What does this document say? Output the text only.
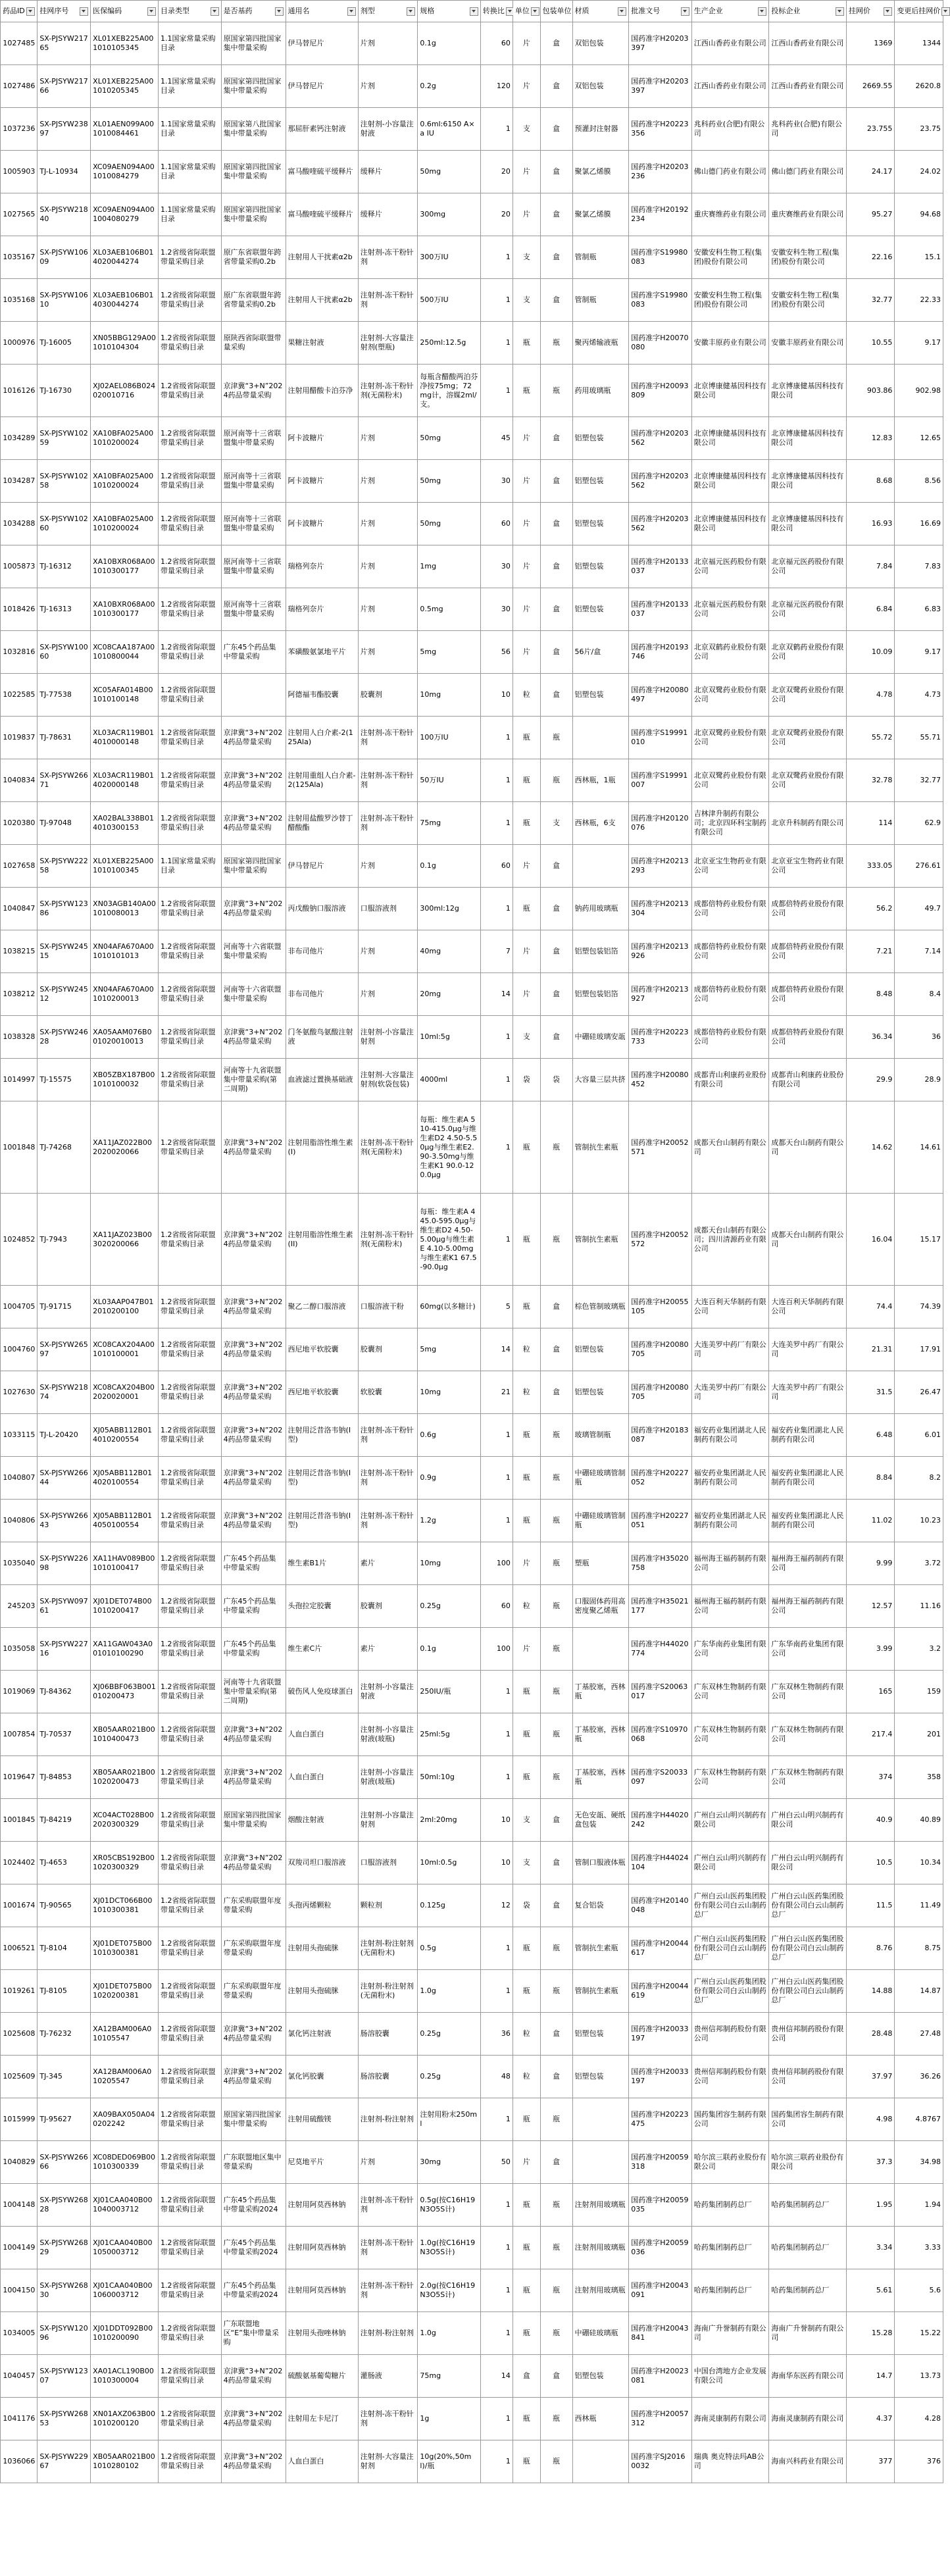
药品ID	挂网序号	医保编码	目录类型	是否基药	通用名	剂型	规格	转换比	单位	包装单位	材质	批准文号	生产企业	投标企业	挂网价	变更后挂网价

1027485	SX-PJSYW21765	XL01XEB225A001010105345	1.1国家常量采购目录	原国家第四批国家集中带量采购	伊马替尼片	片剂	0.1g	60	片	盒	双铝包装	国药准字H20203397	江西山香药业有限公司	江西山香药业有限公司	1369	1344
1027486	SX-PJSYW21766	XL01XEB225A001010205345	1.1国家常量采购目录	原国家第四批国家集中带量采购	伊马替尼片	片剂	0.2g	120	片	盒	双铝包装	国药准字H20203397	江西山香药业有限公司	江西山香药业有限公司	2669.55	2620.8
1037236	SX-PJSYW23897	XL01AEN099A001010084461	1.1国家常量采购目录	原国家第八批国家集中带量采购	那屈肝素钙注射液	注射剂-小容量注射液	0.6ml:6150 A×a IU	1	支	盒	预灌封注射器	国药准字H20223356	兆科药业(合肥)有限公司	兆科药业(合肥)有限公司	23.755	23.75
1005903	TJ-L-10934	XC09AEN094A001010084279	1.1国家常量采购目录	原国家第四批国家集中带量采购	富马酸喹硫平缓释片	缓释片	50mg	20	片	盒	聚氯乙烯膜	国药准字H20203236	佛山德门药业有限公司	佛山德门药业有限公司	24.17	24.02
1027565	SX-PJSYW21840	XC09AEN094A001004080279	1.1国家常量采购目录	原国家第四批国家集中带量采购	富马酸喹硫平缓释片	缓释片	300mg	20	片	盒	聚氯乙烯膜	国药准字H20192234	重庆赛维药业有限公司	重庆赛维药业有限公司	95.27	94.68
1035167	SX-PJSYW10609	XL03AEB106B014020044274	1.2省级省际联盟带量采购目录	原广东省联盟年跨省带量采购0.2b	注射用人干扰素α2b	注射剂-冻干粉针剂	300万IU	1	支	盒	管制瓶	国药准字S19980083	安徽安科生物工程(集团)股份有限公司	安徽安科生物工程(集团)股份有限公司	22.16	15.1
1035168	SX-PJSYW10610	XL03AEB106B014030044274	1.2省级省际联盟带量采购目录	原广东省联盟年跨省带量采购0.2b	注射用人干扰素α2b	注射剂-冻干粉针剂	500万IU	1	支	盒	管制瓶	国药准字S19980083	安徽安科生物工程(集团)股份有限公司	安徽安科生物工程(集团)股份有限公司	32.77	22.33
1000976	TJ-16005	XN05BBG129A001010104304	1.2省级省际联盟带量采购目录	原陕西省际联盟带量采购	果糖注射液	注射剂-大容量注射剂(塑瓶)	250ml:12.5g	1	瓶	瓶	聚丙烯输液瓶	国药准字H20070080	安徽丰原药业有限公司	安徽丰原药业有限公司	10.55	9.17
1016126	TJ-16730	XJ02AEL086B024020010716	1.2省级省际联盟带量采购目录	京津冀“3+N”2024药品带量采购	注射用醋酸卡泊芬净	注射剂-冻干粉针剂(无菌粉末)	每瓶含醋酸两泊芬净按75mg；72mg计，溶媒2ml/支。	1	瓶	瓶	药用玻璃瓶	国药准字H20093809	北京博康健基因科技有限公司	北京博康健基因科技有限公司	903.86	902.98
1034289	SX-PJSYW10259	XA10BFA025A001010200024	1.2省级省际联盟带量采购目录	原河南等十三省联盟集中带量采购	阿卡波糖片	片剂	50mg	45	片	盒	铝塑包装	国药准字H20203562	北京博康健基因科技有限公司	北京博康健基因科技有限公司	12.83	12.65
1034287	SX-PJSYW10258	XA10BFA025A001010200024	1.2省级省际联盟带量采购目录	原河南等十三省联盟集中带量采购	阿卡波糖片	片剂	50mg	30	片	盒	铝塑包装	国药准字H20203562	北京博康健基因科技有限公司	北京博康健基因科技有限公司	8.68	8.56
1034288	SX-PJSYW10260	XA10BFA025A001010200024	1.2省级省际联盟带量采购目录	原河南等十三省联盟集中带量采购	阿卡波糖片	片剂	50mg	60	片	盒	铝塑包装	国药准字H20203562	北京博康健基因科技有限公司	北京博康健基因科技有限公司	16.93	16.69
1005873	TJ-16312	XA10BXR068A001010300177	1.2省级省际联盟带量采购目录	原河南等十三省联盟集中带量采购	瑞格列奈片	片剂	1mg	30	片	盒	铝塑包装	国药准字H20133037	北京福元医药股份有限公司	北京福元医药股份有限公司	7.84	7.83
1018426	TJ-16313	XA10BXR068A001010300177	1.2省级省际联盟带量采购目录	原河南等十三省联盟集中带量采购	瑞格列奈片	片剂	0.5mg	30	片	盒	铝塑包装	国药准字H20133037	北京福元医药股份有限公司	北京福元医药股份有限公司	6.84	6.83
1032816	SX-PJSYW10060	XC08CAA187A001010800044	1.2省级省际联盟带量采购目录	广东45个药品集中带量采购	苯磺酸氨氯地平片	片剂	5mg	56	片	盒	56片/盒	国药准字H20193746	北京双鹤药业股份有限公司	北京双鹤药业股份有限公司	10.09	9.17
1022585	TJ-77538	XC05AFA014B001010100148	1.2省级省际联盟带量采购目录		阿德福韦酯胶囊	胶囊剂	10mg	10	粒	盒	铝塑包装	国药准字H20080497	北京双鹭药业股份有限公司	北京双鹭药业股份有限公司	4.78	4.73
1019837	TJ-78631	XL03ACR119B014010000148	1.2省级省际联盟带量采购目录	京津冀“3+N”2024药品带量采购	注射用人白介素-2(125Ala)	注射剂-冻干粉针剂	100万IU	1	瓶	瓶		国药准字S19991010	北京双鹭药业股份有限公司	北京双鹭药业股份有限公司	55.72	55.71
1040834	SX-PJSYW26671	XL03ACR119B014020000148	1.2省级省际联盟带量采购目录	京津冀“3+N”2024药品带量采购	注射用重组人白介素-2(125Ala)	注射剂-冻干粉针剂	50万IU	1	瓶	瓶	西林瓶，1瓶	国药准字S19991007	北京双鹭药业股份有限公司	北京双鹭药业股份有限公司	32.78	32.77
1020380	TJ-97048	XA02BAL338B014010300153	1.2省级省际联盟带量采购目录	京津冀“3+N”2024药品带量采购	注射用盐酸罗沙替丁醋酸酯	注射剂-冻干粉针剂	75mg	1	瓶	支	西林瓶，6支	国药准字H20120076	吉林津升制药有限公司；北京四环科宝制药有限公司	北京升科制药有限公司	114	62.9
1027658	SX-PJSYW22258	XL01XEB225A001010100345	1.1国家常量采购目录	原国家第四批国家集中带量采购	伊马替尼片	片剂	0.1g	60	片	盒		国药准字H20213293	北京亚宝生物药业有限公司	北京亚宝生物药业有限公司	333.05	276.61
1040847	SX-PJSYW12386	XN03AGB140A001010080013	1.2省级省际联盟带量采购目录	京津冀“3+N”2024药品带量采购	丙戊酸钠口服溶液	口服溶液剂	300ml:12g	1	瓶	盒	钠药用玻璃瓶	国药准字H20213304	成都倍特药业股份有限公司	成都倍特药业股份有限公司	56.2	49.7
1038215	SX-PJSYW24515	XN04AFA670A001010101013	1.2省级省际联盟带量采购目录	河南等十六省联盟集中带量采购	非布司他片	片剂	40mg	7	片	盒	铝塑包装铝箔	国药准字H20213926	成都倍特药业股份有限公司	成都倍特药业股份有限公司	7.21	7.14
1038212	SX-PJSYW24512	XN04AFA670A001010200013	1.2省级省际联盟带量采购目录	河南等十六省联盟集中带量采购	非布司他片	片剂	20mg	14	片	盒	铝塑包装铝箔	国药准字H20213927	成都倍特药业股份有限公司	成都倍特药业股份有限公司	8.48	8.4
1038328	SX-PJSYW24628	XA05AAM076B001020010013	1.2省级省际联盟带量采购目录	京津冀“3+N”2024药品带量采购	门冬氨酸鸟氨酸注射液	注射剂-小容量注射剂	10ml:5g	1	支	盒	中硼硅玻璃安瓿	国药准字H20223733	成都倍特药业股份有限公司	成都倍特药业股份有限公司	36.34	36
1014997	TJ-15575	XB05ZBX187B001010100032	1.2省级省际联盟带量采购目录	河南等十九省联盟集中带量采购(第二周期)	血液滤过置换基础液	注射剂-大容量注射剂(软袋包装)	4000ml	1	袋	袋	大容量三层共挤	国药准字H20080452	成都青山利康药业股份有限公司	成都青山利康药业股份有限公司	29.9	28.9
1001848	TJ-74268	XA11JAZ022B002020020066	1.2省级省际联盟带量采购目录	京津冀“3+N”2024药品带量采购	注射用脂溶性维生素(I)	注射剂-冻干粉针剂(无菌粉末)	每瓶：维生素A 510-415.0μg与维生素D2 4.50-5.50μg与维生素E2.90-3.50mg与维生素K1 90.0-120.0μg	1	瓶	瓶	管制抗生素瓶	国药准字H20052571	成都天台山制药有限公司	成都天台山制药有限公司	14.62	14.61
1024852	TJ-7943	XA11JAZ023B003020200066	1.2省级省际联盟带量采购目录	京津冀“3+N”2024药品带量采购	注射用脂溶性维生素(II)	注射剂-冻干粉针剂(无菌粉末)	每瓶：维生素A 445.0-595.0μg与维生素D2 4.50-5.00μg与维生素E 4.10-5.00mg与维生素K1 67.5-90.0μg	1	瓶	瓶	管制抗生素瓶	国药准字H20052572	成都天台山制药有限公司；四川清源药业有限公司	成都天台山制药有限公司	16.04	15.17
1004705	TJ-91715	XL03AAP047B012010200100	1.2省级省际联盟带量采购目录	京津冀“3+N”2024药品带量采购	聚乙二醇口服溶液	口服溶液干粉	60mg(以多糖计)	5	瓶	盒	棕色管制玻璃瓶	国药准字H20055105	大连百利天华制药有限公司	大连百利天华制药有限公司	74.4	74.39
1004760	SX-PJSYW26597	XC08CAX204A001010100001	1.2省级省际联盟带量采购目录	京津冀“3+N”2024药品带量采购	西尼地平软胶囊	胶囊剂	5mg	14	粒	盒	铝塑包装	国药准字H20080705	大连美罗中药厂有限公司	大连美罗中药厂有限公司	21.31	17.91
1027630	SX-PJSYW21874	XC08CAX204B002020020001	1.2省级省际联盟带量采购目录	京津冀“3+N”2024药品带量采购	西尼地平软胶囊	软胶囊	10mg	21	粒	盒	铝塑包装	国药准字H20080705	大连美罗中药厂有限公司	大连美罗中药厂有限公司	31.5	26.47
1033115	TJ-L-20420	XJ05ABB112B014010200554	1.2省级省际联盟带量采购目录	京津冀“3+N”2024药品带量采购	注射用泛昔洛韦钠(Ⅰ型)	注射剂-冻干粉针剂	0.6g	1	瓶	瓶	玻璃管制瓶	国药准字H20183087	福安药业集团湖北人民制药有限公司	福安药业集团湖北人民制药有限公司	6.48	6.01
1040807	SX-PJSYW26644	XJ05ABB112B014020100554	1.2省级省际联盟带量采购目录	京津冀“3+N”2024药品带量采购	注射用泛昔洛韦钠(Ⅰ型)	注射剂-冻干粉针剂	0.9g	1	瓶	瓶	中硼硅玻璃管制瓶	国药准字H20227052	福安药业集团湖北人民制药有限公司	福安药业集团湖北人民制药有限公司	8.84	8.2
1040806	SX-PJSYW26643	XJ05ABB112B014050100554	1.2省级省际联盟带量采购目录	京津冀“3+N”2024药品带量采购	注射用泛昔洛韦钠(Ⅰ型)	注射剂-冻干粉针剂	1.2g	1	瓶	瓶	中硼硅玻璃管制瓶	国药准字H20227051	福安药业集团湖北人民制药有限公司	福安药业集团湖北人民制药有限公司	11.02	10.23
1035040	SX-PJSYW22698	XA11HAV089B001010100417	1.2省级省际联盟带量采购目录	广东45个药品集中带量采购	维生素B1片	素片	10mg	100	片	瓶	塑瓶	国药准字H35020758	福州海王福药制药有限公司	福州海王福药制药有限公司	9.99	3.72
245203	SX-PJSYW09761	XJ01DET074B001010200417	1.2省级省际联盟带量采购目录	广东45个药品集中带量采购	头孢拉定胶囊	胶囊剂	0.25g	60	粒	瓶	口服固体药用高密度聚乙烯瓶	国药准字H35021177	福州海王福药制药有限公司	福州海王福药制药有限公司	12.57	11.16
1035058	SX-PJSYW22716	XA11GAW043A001010100290	1.2省级省际联盟带量采购目录	广东45个药品集中带量采购	维生素C片	素片	0.1g	100	片	瓶		国药准字H44020774	广东华南药业集团有限公司	广东华南药业集团有限公司	3.99	3.2
1019069	TJ-84362	XJ06BBF063B001010200473	1.2省级省际联盟带量采购目录	河南等十九省联盟集中带量采购(第二周期)	破伤风人免疫球蛋白	注射剂-小容量注射液	250IU/瓶	1	瓶	瓶	丁基胶塞，西林瓶	国药准字S20063017	广东双林生物制药有限公司	广东双林生物制药有限公司	165	159
1007854	TJ-70537	XB05AAR021B001010400473	1.2省级省际联盟带量采购目录	京津冀“3+N”2024药品带量采购	人血白蛋白	注射剂-小容量注射液(玻瓶)	25ml:5g	1	瓶	瓶	丁基胶塞，西林瓶	国药准字S10970068	广东双林生物制药有限公司	广东双林生物制药有限公司	217.4	201
1019647	TJ-84853	XB05AAR021B001020200473	1.2省级省际联盟带量采购目录	京津冀“3+N”2024药品带量采购	人血白蛋白	注射剂-小容量注射液(玻瓶)	50ml:10g	1	瓶	瓶	丁基胶塞，西林瓶	国药准字S20033097	广东双林生物制药有限公司	广东双林生物制药有限公司	374	358
1001845	TJ-84219	XC04ACT028B002020300329	1.2省级省际联盟带量采购目录	原国家第四批国家集中带量采购	烟酸注射液	注射剂-小容量注射剂	2ml:20mg	10	支	盒	无色安瓿、硬纸盒包装	国药准字H44020242	广州白云山明兴制药有限公司	广州白云山明兴制药有限公司	40.9	40.89
1024402	TJ-4653	XR05CBS192B001020300329	1.2省级省际联盟带量采购目录	京津冀“3+N”2024药品带量采购	双羧司坦口服溶液	口服溶液剂	10ml:0.5g	10	支	盒	管制口服液体瓶	国药准字H44024104	广州白云山明兴制药有限公司	广州白云山明兴制药有限公司	10.5	10.34
1001674	TJ-90565	XJ01DCT066B001010300381	1.2省级省际联盟带量采购目录	广东采购联盟年度带量采购	头孢丙烯颗粒	颗粒剂	0.125g	12	袋	盒	复合铝袋	国药准字H20140048	广州白云山医药集团股份有限公司白云山制药总厂	广州白云山医药集团股份有限公司白云山制药总厂	11.5	11.49
1006521	TJ-8104	XJ01DET075B001010300381	1.2省级省际联盟带量采购目录	广东采购联盟年度带量采购	注射用头孢硫脒	注射剂-粉注射剂(无菌粉末)	0.5g	1	瓶	瓶	管制抗生素瓶	国药准字H20044617	广州白云山医药集团股份有限公司白云山制药总厂	广州白云山医药集团股份有限公司白云山制药总厂	8.76	8.75
1019261	TJ-8105	XJ01DET075B001020200381	1.2省级省际联盟带量采购目录	广东采购联盟年度带量采购	注射用头孢硫脒	注射剂-粉注射剂(无菌粉末)	1.0g	1	瓶	瓶	管制抗生素瓶	国药准字H20044619	广州白云山医药集团股份有限公司白云山制药总厂	广州白云山医药集团股份有限公司白云山制药总厂	14.88	14.87
1025608	TJ-76232	XA12BAM006A010105547	1.2省级省际联盟带量采购目录	京津冀“3+N”2024药品带量采购	氯化钙注射液	肠溶胶囊	0.25g	36	粒	盒	铝塑包装	国药准字H20033197	贵州信邦制药股份有限公司	贵州信邦制药股份有限公司	28.48	27.48
1025609	TJ-345	XA12BAM006A010205547	1.2省级省际联盟带量采购目录	京津冀“3+N”2024药品带量采购	氯化钙胶囊	肠溶胶囊	0.25g	48	粒	盒	铝塑包装	国药准字H20033197	贵州信邦制药股份有限公司	贵州信邦制药股份有限公司	37.97	36.26
1015999	TJ-95627	XA09BAX050A040202242	1.2省级省际联盟带量采购目录	原国家第四批国家集中带量采购	注射用硫酸镁	注射剂-粉注射剂	注射用粉末250ml	1	瓶	瓶		国药准字H20223475	国药集团容生制药有限公司	国药集团容生制药有限公司	4.98	4.8767
1040829	SX-PJSYW26666	XC08DED069B001010300339	1.2省级省际联盟带量采购目录	广东联盟地区集中带量采购	尼莫地平片	片剂	30mg	50	片	盒		国药准字H20059318	哈尔滨三联药业股份有限公司	哈尔滨三联药业股份有限公司	37.3	34.98
1004148	SX-PJSYW26828	XJ01CAA040B001040003712	1.2省级省际联盟带量采购目录	广东45个药品集中带量采购2024	注射用阿莫西林钠	注射剂-冻干粉针剂	0.5g(按C16H19N3O5S计)	1	瓶	瓶	注射剂用玻璃瓶	国药准字H20059035	哈药集团制药总厂	哈药集团制药总厂	1.95	1.94
1004149	SX-PJSYW26829	XJ01CAA040B001050003712	1.2省级省际联盟带量采购目录	广东45个药品集中带量采购2024	注射用阿莫西林钠	注射剂-冻干粉针剂	1.0g(按C16H19N3O5S计)	1	瓶	瓶	注射剂用玻璃瓶	国药准字H20059036	哈药集团制药总厂	哈药集团制药总厂	3.34	3.33
1004150	SX-PJSYW26830	XJ01CAA040B001060003712	1.2省级省际联盟带量采购目录	广东45个药品集中带量采购2024	注射用阿莫西林钠	注射剂-冻干粉针剂	2.0g(按C16H19N3O5S计)	1	瓶	瓶	注射剂用玻璃瓶	国药准字H20043091	哈药集团制药总厂	哈药集团制药总厂	5.61	5.6
1034005	SX-PJSYW12096	XJ01DDT092B001010200090	1.2省级省际联盟带量采购目录	广东联盟地区“E”集中带量采购	注射用头孢唑林钠	注射剂-粉注射剂	1.0g	1	瓶	瓶	中硼硅玻璃瓶	国药准字H20043841	海南广升誉制药有限公司	海南广升誉制药有限公司	15.28	15.22
1040457	SX-PJSYW12307	XA01ACL190B001010300004	1.2省级省际联盟带量采购目录	京津冀“3+N”2024药品带量采购	硫酸氨基葡萄糖片	灌肠液	75mg	14	盒	盒	铝塑包装	国药准字H20023081	中国台湾地方企业发展有限公司	海南华东医药有限公司	14.7	13.73
1041176	SX-PJSYW26853	XN01AXZ063B001010200120	1.2省级省际联盟带量采购目录	京津冀“3+N”2024药品带量采购	注射用左卡尼汀	注射剂-冻干粉针剂	1g	1	瓶	瓶	西林瓶	国药准字H20057312	海南灵康制药有限公司	海南灵康制药有限公司	4.37	4.28
1036066	SX-PJSYW22967	XB05AAR021B001010280102	1.2省级省际联盟带量采购目录	京津冀“3+N”2024药品带量采购	人血白蛋白	注射剂-大容量注射剂	10g(20%,50ml)/瓶	1	瓶	瓶		国药准字SJ20160032	瑞典 奥克特法玛AB公司	海南兴科药业有限公司	377	376
